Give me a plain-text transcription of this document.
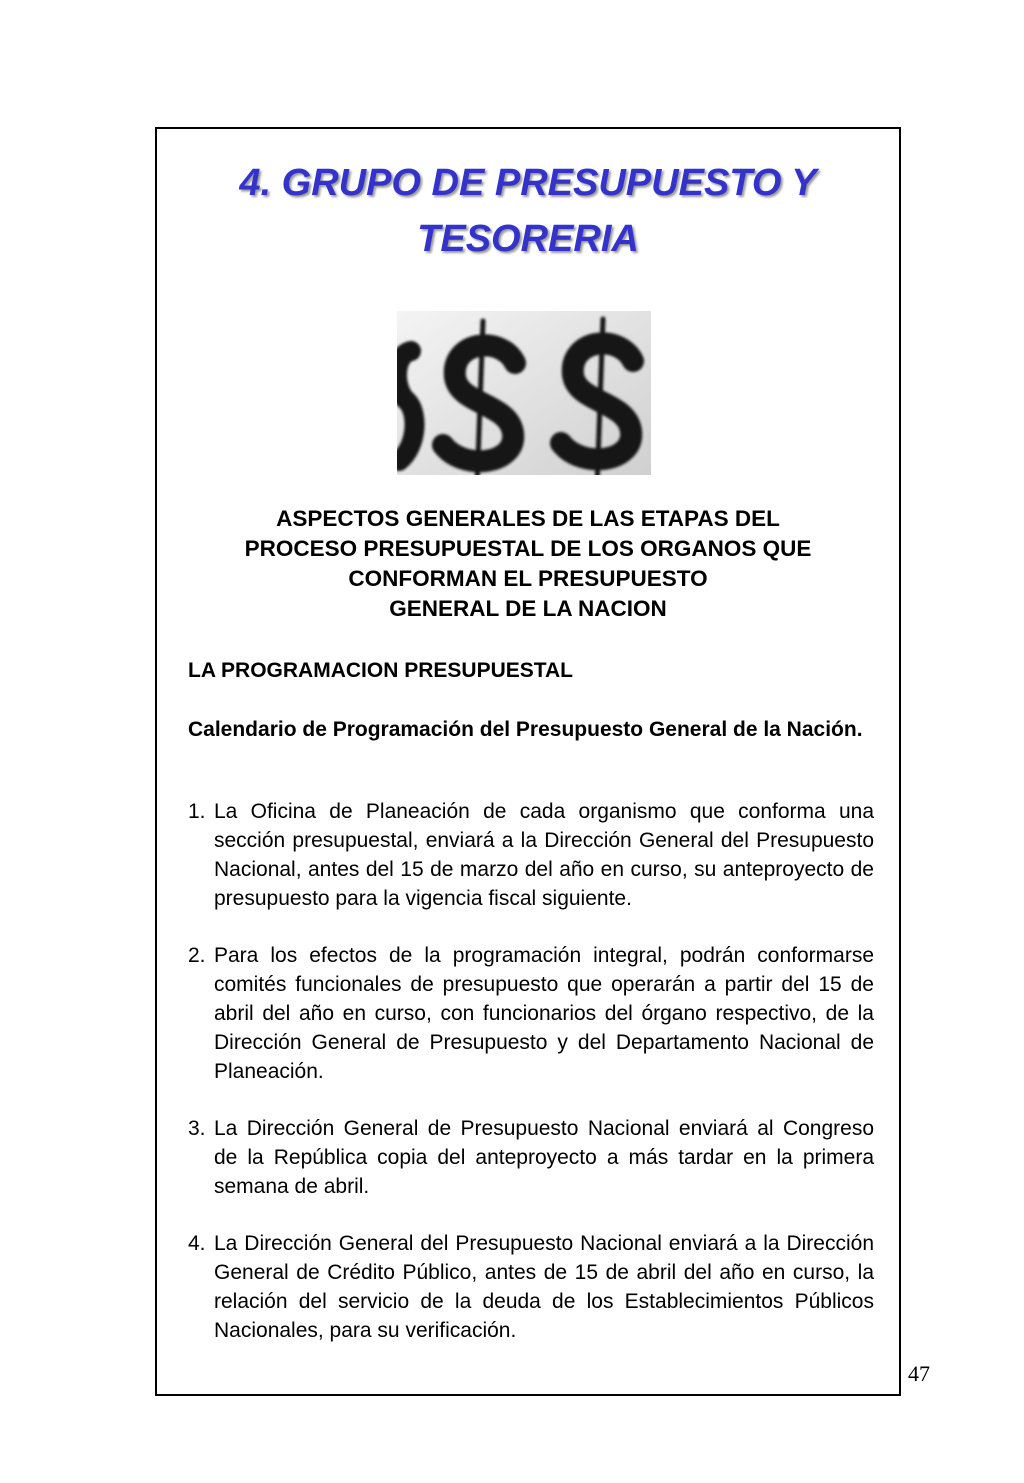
4. GRUPO DE PRESUPUESTO Y
TESORERIA
ASPECTOS GENERALES DE LAS ETAPAS DEL
PROCESO PRESUPUESTAL DE LOS ORGANOS QUE
CONFORMAN EL PRESUPUESTO
GENERAL DE LA NACION

LA PROGRAMACION PRESUPUESTAL

Calendario de Programación del Presupuesto General de la Nación.

1. La Oficina de Planeación de cada organismo que conforma una sección presupuestal, enviará a la Dirección General del Presupuesto Nacional, antes del 15 de marzo del año en curso, su anteproyecto de presupuesto para la vigencia fiscal siguiente.
2. Para los efectos de la programación integral, podrán conformarse comités funcionales de presupuesto que operarán a partir del 15 de abril del año en curso, con funcionarios del órgano respectivo, de la Dirección General de Presupuesto y del Departamento Nacional de Planeación.
3. La Dirección General de Presupuesto Nacional enviará al Congreso de la República copia del anteproyecto a más tardar en la primera semana de abril.
4. La Dirección General del Presupuesto Nacional enviará a la Dirección General de Crédito Público, antes de 15 de abril del año en curso, la relación del servicio de la deuda de los Establecimientos Públicos Nacionales, para su verificación.
47
